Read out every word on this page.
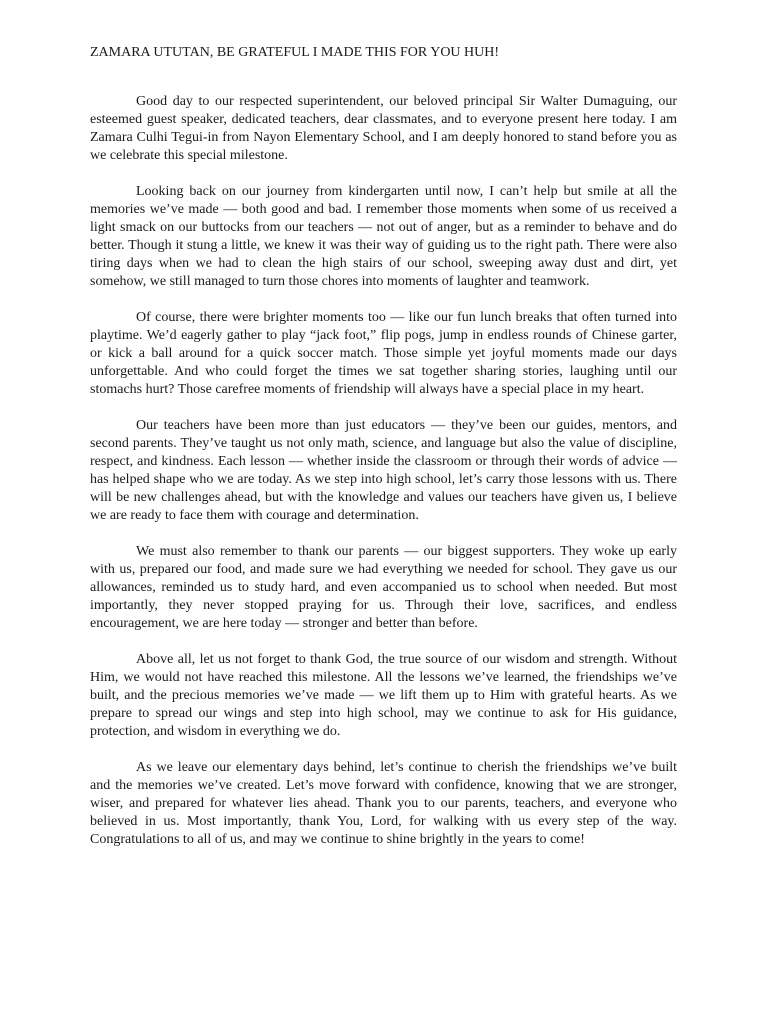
ZAMARA UTUTAN, BE GRATEFUL I MADE THIS FOR YOU HUH!

Good day to our respected superintendent, our beloved principal Sir Walter Dumaguing, our esteemed guest speaker, dedicated teachers, dear classmates, and to everyone present here today. I am Zamara Culhi Tegui-in from Nayon Elementary School, and I am deeply honored to stand before you as we celebrate this special milestone.

Looking back on our journey from kindergarten until now, I can’t help but smile at all the memories we’ve made — both good and bad. I remember those moments when some of us received a light smack on our buttocks from our teachers — not out of anger, but as a reminder to behave and do better. Though it stung a little, we knew it was their way of guiding us to the right path. There were also tiring days when we had to clean the high stairs of our school, sweeping away dust and dirt, yet somehow, we still managed to turn those chores into moments of laughter and teamwork.

Of course, there were brighter moments too — like our fun lunch breaks that often turned into playtime. We’d eagerly gather to play “jack foot,” flip pogs, jump in endless rounds of Chinese garter, or kick a ball around for a quick soccer match. Those simple yet joyful moments made our days unforgettable. And who could forget the times we sat together sharing stories, laughing until our stomachs hurt? Those carefree moments of friendship will always have a special place in my heart.

Our teachers have been more than just educators — they’ve been our guides, mentors, and second parents. They’ve taught us not only math, science, and language but also the value of discipline, respect, and kindness. Each lesson — whether inside the classroom or through their words of advice — has helped shape who we are today. As we step into high school, let’s carry those lessons with us. There will be new challenges ahead, but with the knowledge and values our teachers have given us, I believe we are ready to face them with courage and determination.

We must also remember to thank our parents — our biggest supporters. They woke up early with us, prepared our food, and made sure we had everything we needed for school. They gave us our allowances, reminded us to study hard, and even accompanied us to school when needed. But most importantly, they never stopped praying for us. Through their love, sacrifices, and endless encouragement, we are here today — stronger and better than before.

Above all, let us not forget to thank God, the true source of our wisdom and strength. Without Him, we would not have reached this milestone. All the lessons we’ve learned, the friendships we’ve built, and the precious memories we’ve made — we lift them up to Him with grateful hearts. As we prepare to spread our wings and step into high school, may we continue to ask for His guidance, protection, and wisdom in everything we do.

As we leave our elementary days behind, let’s continue to cherish the friendships we’ve built and the memories we’ve created. Let’s move forward with confidence, knowing that we are stronger, wiser, and prepared for whatever lies ahead. Thank you to our parents, teachers, and everyone who believed in us. Most importantly, thank You, Lord, for walking with us every step of the way. Congratulations to all of us, and may we continue to shine brightly in the years to come!
